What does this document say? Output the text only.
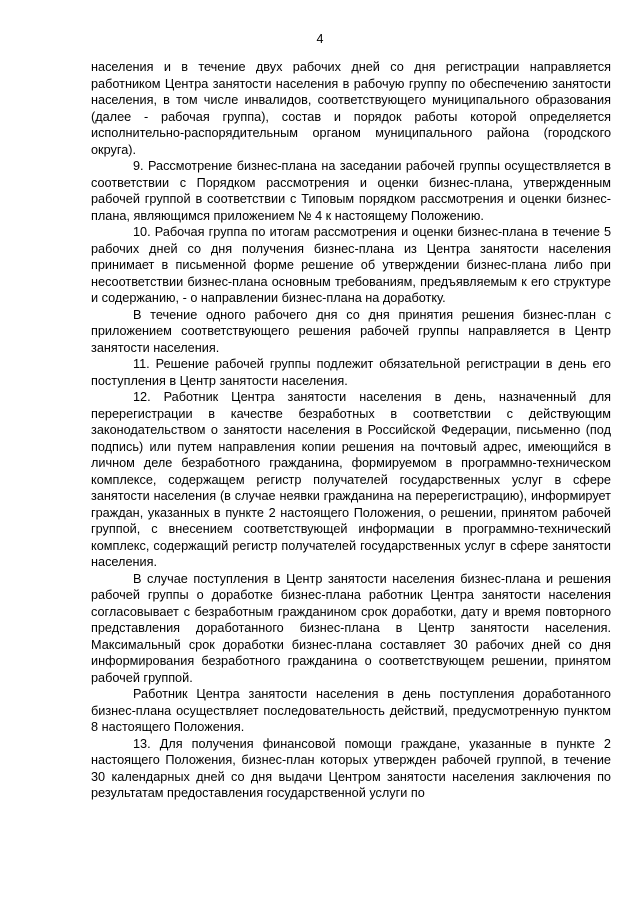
4

населения и в течение двух рабочих дней со дня регистрации направляется работником Центра занятости населения в рабочую группу по обеспечению занятости населения, в том числе инвалидов, соответствующего муниципального образования (далее - рабочая группа), состав и порядок работы которой определяется исполнительно-распорядительным органом муниципального района (городского округа).

9. Рассмотрение бизнес-плана на заседании рабочей группы осуществляется в соответствии с Порядком рассмотрения и оценки бизнес-плана, утвержденным рабочей группой в соответствии с Типовым порядком рассмотрения и оценки бизнес-плана, являющимся приложением № 4 к настоящему Положению.

10. Рабочая группа по итогам рассмотрения и оценки бизнес-плана в течение 5 рабочих дней со дня получения бизнес-плана из Центра занятости населения принимает в письменной форме решение об утверждении бизнес-плана либо при несоответствии бизнес-плана основным требованиям, предъявляемым к его структуре и содержанию, - о направлении бизнес-плана на доработку.

В течение одного рабочего дня со дня принятия решения бизнес-план с приложением соответствующего решения рабочей группы направляется в Центр занятости населения.

11. Решение рабочей группы подлежит обязательной регистрации в день его поступления в Центр занятости населения.

12. Работник Центра занятости населения в день, назначенный для перерегистрации в качестве безработных в соответствии с действующим законодательством о занятости населения в Российской Федерации, письменно (под подпись) или путем направления копии решения на почтовый адрес, имеющийся в личном деле безработного гражданина, формируемом в программно-техническом комплексе, содержащем регистр получателей государственных услуг в сфере занятости населения (в случае неявки гражданина на перерегистрацию), информирует граждан, указанных в пункте 2 настоящего Положения, о решении, принятом рабочей группой, с внесением соответствующей информации в программно-технический комплекс, содержащий регистр получателей государственных услуг в сфере занятости населения.

В случае поступления в Центр занятости населения бизнес-плана и решения рабочей группы о доработке бизнес-плана работник Центра занятости населения согласовывает с безработным гражданином срок доработки, дату и время повторного представления доработанного бизнес-плана в Центр занятости населения. Максимальный срок доработки бизнес-плана составляет 30 рабочих дней со дня информирования безработного гражданина о соответствующем решении, принятом рабочей группой.

Работник Центра занятости населения в день поступления доработанного бизнес-плана осуществляет последовательность действий, предусмотренную пунктом 8 настоящего Положения.

13. Для получения финансовой помощи граждане, указанные в пункте 2 настоящего Положения, бизнес-план которых утвержден рабочей группой, в течение 30 календарных дней со дня выдачи Центром занятости населения заключения по результатам предоставления государственной услуги по
